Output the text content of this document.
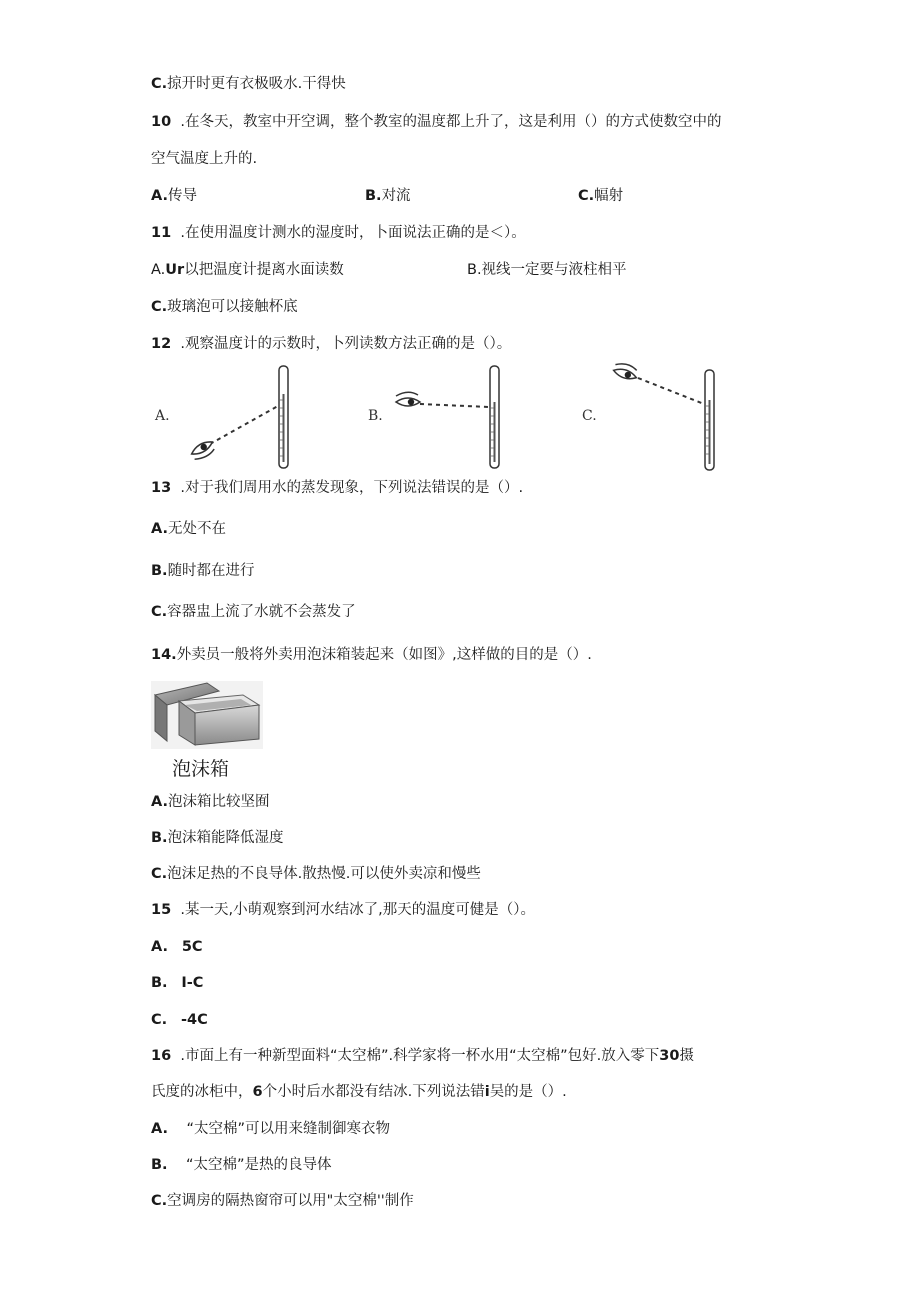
C.掠开时更有衣极吸水.干得快
10 .在冬天，教室中开空调，整个教室的温度都上升了，这是利用（）的方式使数空中的
空气温度上升的.
A.传导	B.对流	C.幅射
11 .在使用温度计测水的湿度时，卜面说法正确的是＜）。
A.Ur以把温度计提离水面读数	B.视线一定要与液柱相平
C.玻璃泡可以接触杯底
12 .观察温度计的示数时，卜列读数方法正确的是（）。
A.	B.	C.
13 .对于我们周用水的蒸发现象，下列说法错误的是（）.
A.无处不在
B.随时都在进行
C.容器盅上流了水就不会蒸发了
14.外卖员一般将外卖用泡沫箱装起来（如图》,这样做的目的是（）.
泡沫箱
A.泡沫箱比较坚囿
B.泡沫箱能降低湿度
C.泡沫足热的不良导体.散热慢.可以使外卖凉和慢些
15 .某一天,小萌观察到河水结冰了,那天的温度可健是（）。
A. 5C
B. I-C
C. -4C
16 .市面上有一种新型面料“太空棉”.科学家将一杯水用“太空棉”包好.放入零下30摄
氏度的冰柜中，6个小时后水都没有结冰.下列说法错i吴的是（）.
A. “太空棉”可以用来缝制御寒衣物
B. “太空棉”是热的良导体
C.空调房的隔热窗帘可以用"太空棉''制作
